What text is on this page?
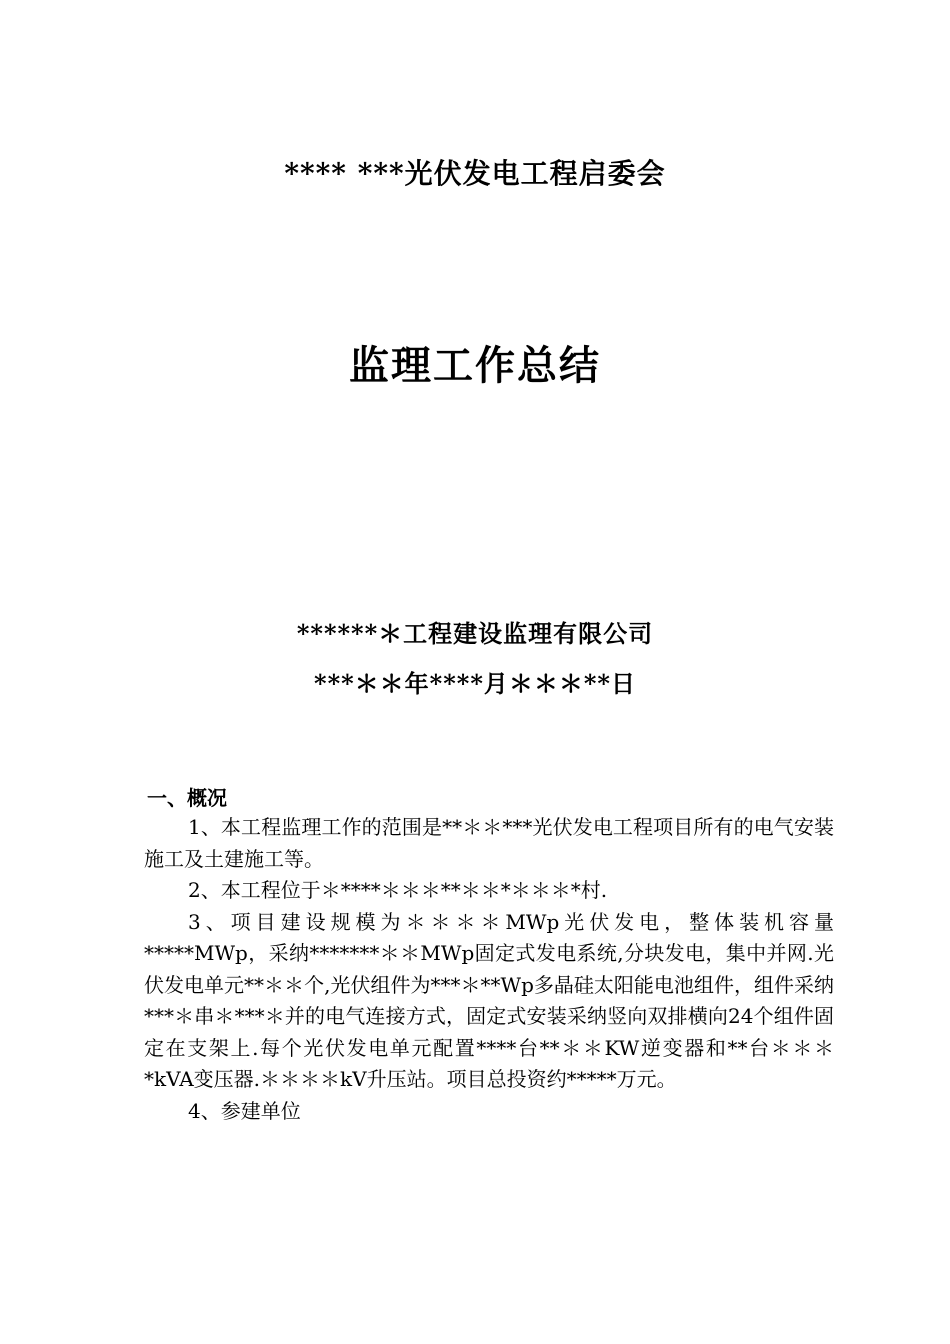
**** ***光伏发电工程启委会
监理工作总结
******＊工程建设监理有限公司
***＊＊年****月＊＊＊**日
一、概况

1、本工程监理工作的范围是**＊＊***光伏发电工程项目所有的电气安装施工及土建施工等。

2、本工程位于＊****＊＊＊**＊＊*＊＊＊*村.

3、项目建设规模为＊＊＊＊MWp光伏发电，整体装机容量*****MWp，采纳*******＊＊MWp固定式发电系统,分块发电，集中并网.光伏发电单元**＊＊个,光伏组件为***＊**Wp多晶硅太阳能电池组件，组件采纳***＊串＊***＊并的电气连接方式，固定式安装采纳竖向双排横向24个组件固定在支架上.每个光伏发电单元配置****台**＊＊KW逆变器和**台＊＊＊*kVA变压器.＊＊＊＊kV升压站。项目总投资约*****万元。

4、参建单位
